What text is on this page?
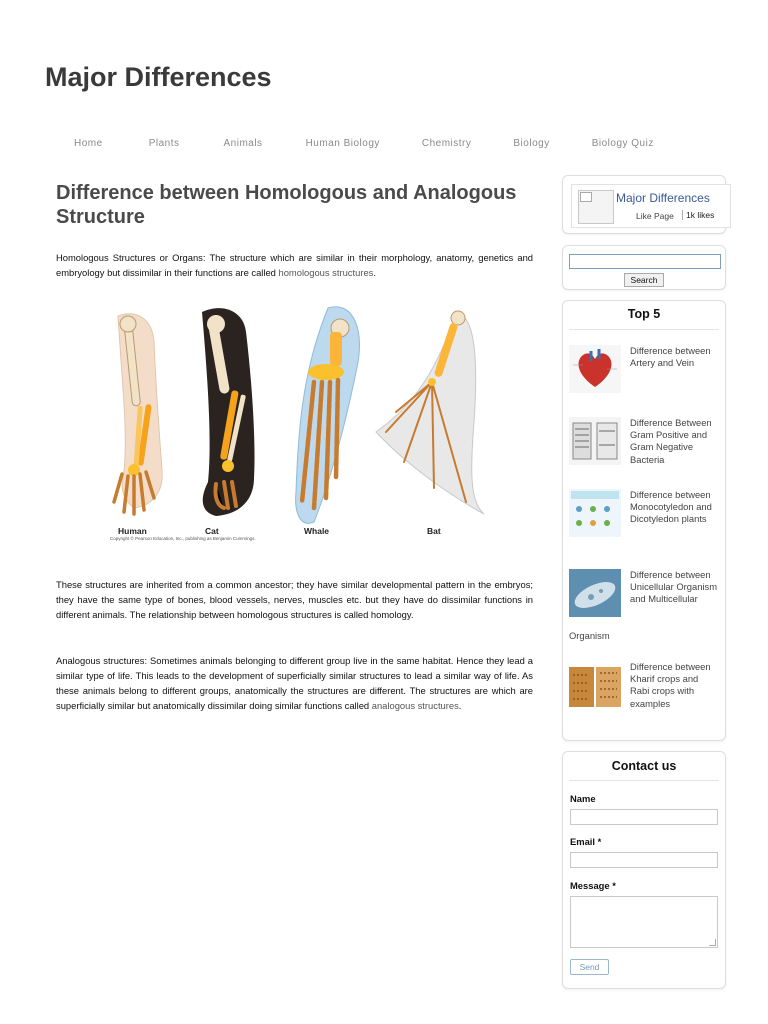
Major Differences
Home	Plants	Animals	Human Biology	Chemistry	Biology	Biology Quiz
Difference between Homologous and Analogous Structure

Homologous Structures or Organs: The structure which are similar in their morphology, anatomy, genetics and embryology but dissimilar in their functions are called homologous structures.

Human	Cat	Whale	Bat
Copyright © Pearson Education, Inc., publishing as Benjamin Cummings.

These structures are inherited from a common ancestor; they have similar developmental pattern in the embryos; they have the same type of bones, blood vessels, nerves, muscles etc. but they have do dissimilar functions in different animals. The relationship between homologous structures is called homology.

Analogous structures: Sometimes animals belonging to different group live in the same habitat. Hence they lead a similar type of life. This leads to the development of superficially similar structures to lead a similar way of life. As these animals belong to different groups, anatomically the structures are different. The structures are which are superficially similar but anatomically dissimilar doing similar functions called analogous structures.

Major Differences
Like Page	1k likes
Search
Top 5
Difference between Artery and Vein
Difference Between Gram Positive and Gram Negative Bacteria
Difference between Monocotyledon and Dicotyledon plants
Difference between Unicellular Organism and Multicellular
Organism
Difference between Kharif crops and Rabi crops with examples
Contact us
Name
Email *
Message *
Send
